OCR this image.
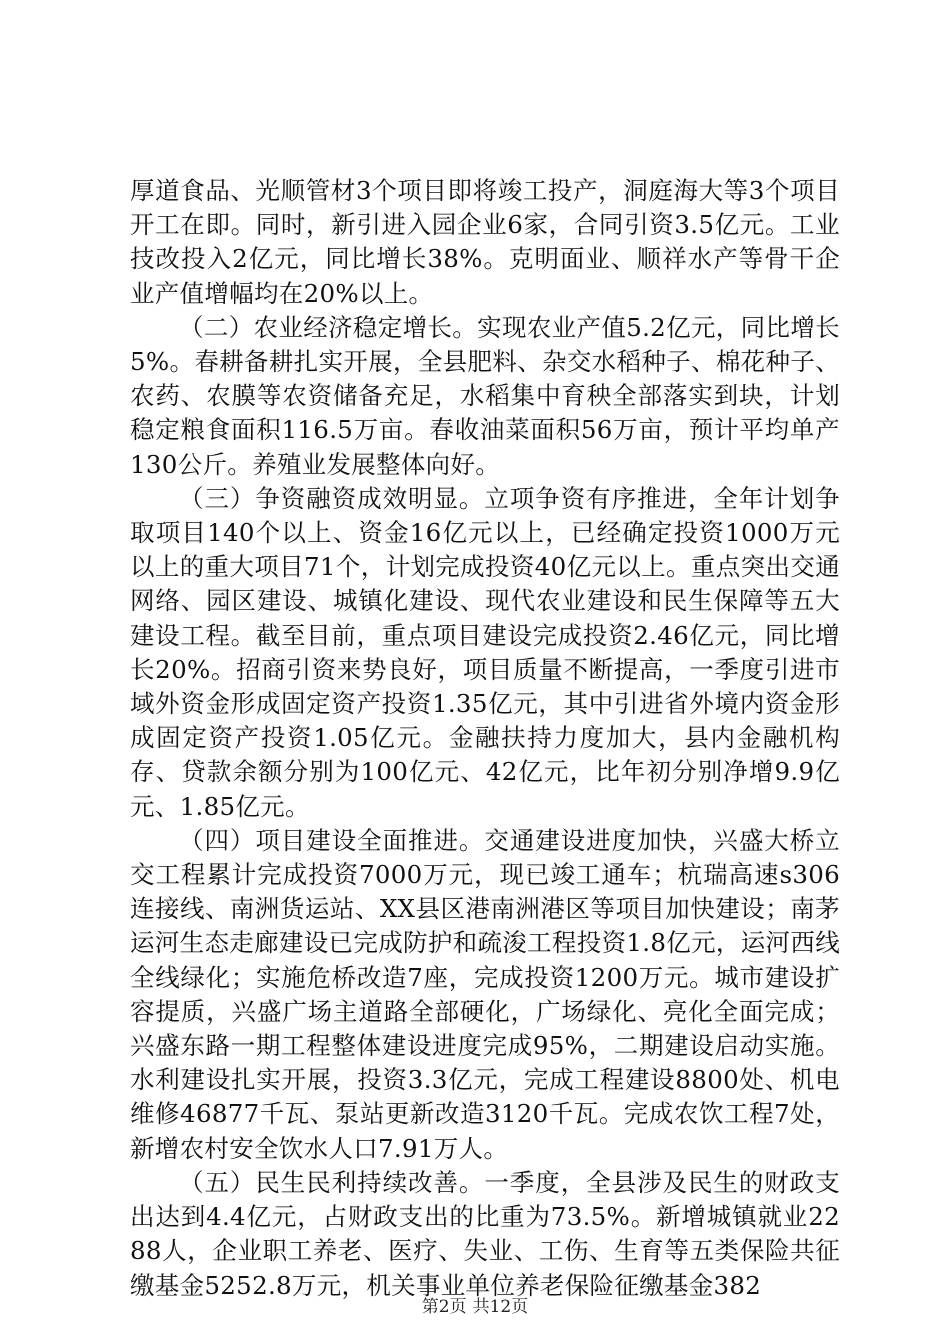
厚道食品、光顺管材3个项目即将竣工投产，洞庭海大等3个项目开工在即。同时，新引进入园企业6家，合同引资3.5亿元。工业技改投入2亿元，同比增长38%。克明面业、顺祥水产等骨干企业产值增幅均在20%以上。

（二）农业经济稳定增长。实现农业产值5.2亿元，同比增长5%。春耕备耕扎实开展，全县肥料、杂交水稻种子、棉花种子、农药、农膜等农资储备充足，水稻集中育秧全部落实到块，计划稳定粮食面积116.5万亩。春收油菜面积56万亩，预计平均单产130公斤。养殖业发展整体向好。

（三）争资融资成效明显。立项争资有序推进，全年计划争取项目140个以上、资金16亿元以上，已经确定投资1000万元以上的重大项目71个，计划完成投资40亿元以上。重点突出交通网络、园区建设、城镇化建设、现代农业建设和民生保障等五大建设工程。截至目前，重点项目建设完成投资2.46亿元，同比增长20%。招商引资来势良好，项目质量不断提高，一季度引进市域外资金形成固定资产投资1.35亿元，其中引进省外境内资金形成固定资产投资1.05亿元。金融扶持力度加大，县内金融机构存、贷款余额分别为100亿元、42亿元，比年初分别净增9.9亿元、1.85亿元。

（四）项目建设全面推进。交通建设进度加快，兴盛大桥立交工程累计完成投资7000万元，现已竣工通车；杭瑞高速s306连接线、南洲货运站、XX县区港南洲港区等项目加快建设；南茅运河生态走廊建设已完成防护和疏浚工程投资1.8亿元，运河西线全线绿化；实施危桥改造7座，完成投资1200万元。城市建设扩容提质，兴盛广场主道路全部硬化，广场绿化、亮化全面完成；兴盛东路一期工程整体建设进度完成95%，二期建设启动实施。水利建设扎实开展，投资3.3亿元，完成工程建设8800处、机电维修46877千瓦、泵站更新改造3120千瓦。完成农饮工程7处，新增农村安全饮水人口7.91万人。

（五）民生民利持续改善。一季度，全县涉及民生的财政支出达到4.4亿元，占财政支出的比重为73.5%。新增城镇就业2288人，企业职工养老、医疗、失业、工伤、生育等五类保险共征缴基金5252.8万元，机关事业单位养老保险征缴基金382

第2页 共12页
